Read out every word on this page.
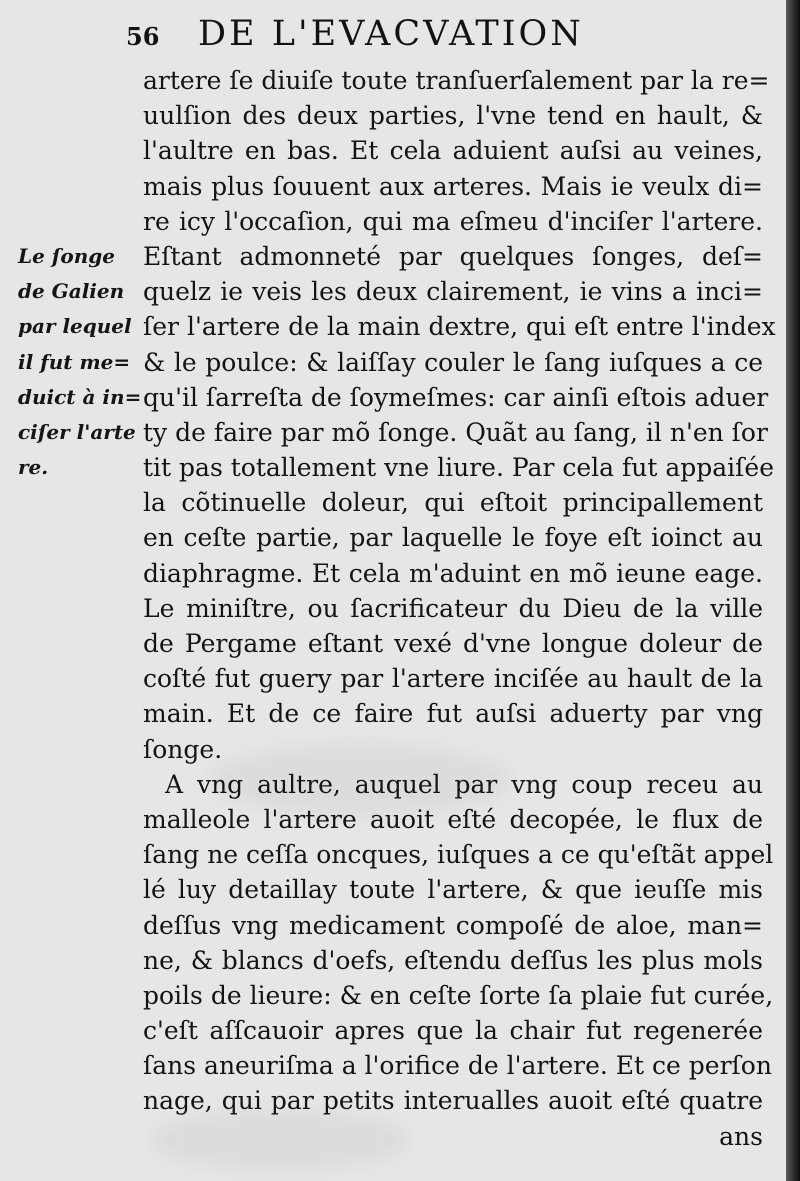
56 DE L'EVACVATION
Le ſonge
de Galien
par lequel
il fut me=
duict à in=
ciſer l'arte
re.
artere ſe diuiſe toute tranſuerſalement par la re=
uulſion des deux parties, l'vne tend en hault, &
l'aultre en bas. Et cela aduient auſsi au veines,
mais plus ſouuent aux arteres. Mais ie veulx di=
re icy l'occaſion, qui ma eſmeu d'inciſer l'artere.
Eſtant admonneté par quelques ſonges, deſ=
quelz ie veis les deux clairement, ie vins a inci=
ſer l'artere de la main dextre, qui eſt entre l'index
& le poulce: & laiſſay couler le ſang iuſques a ce
qu'il ſarreſta de ſoymeſmes: car ainſi eſtois aduer
ty de faire par mõ ſonge. Quãt au ſang, il n'en ſor
tit pas totallement vne liure. Par cela fut appaiſée
la cõtinuelle doleur, qui eſtoit principallement
en ceſte partie, par laquelle le foye eſt ioinct au
diaphragme. Et cela m'aduint en mõ ieune eage.
Le miniſtre, ou ſacrificateur du Dieu de la ville
de Pergame eſtant vexé d'vne longue doleur de
coſté fut guery par l'artere inciſée au hault de la
main. Et de ce faire fut auſsi aduerty par vng
ſonge.
A vng aultre, auquel par vng coup receu au
malleole l'artere auoit eſté decopée, le flux de
ſang ne ceſſa oncques, iuſques a ce qu'eſtãt appel
lé luy detaillay toute l'artere, & que ieuſſe mis
deſſus vng medicament compoſé de aloe, man=
ne, & blancs d'oefs, eſtendu deſſus les plus mols
poils de lieure: & en ceſte ſorte ſa plaie fut curée,
c'eſt aſſcauoir apres que la chair fut regenerée
ſans aneuriſma a l'orifice de l'artere. Et ce perſon
nage, qui par petits interualles auoit eſté quatre
ans
